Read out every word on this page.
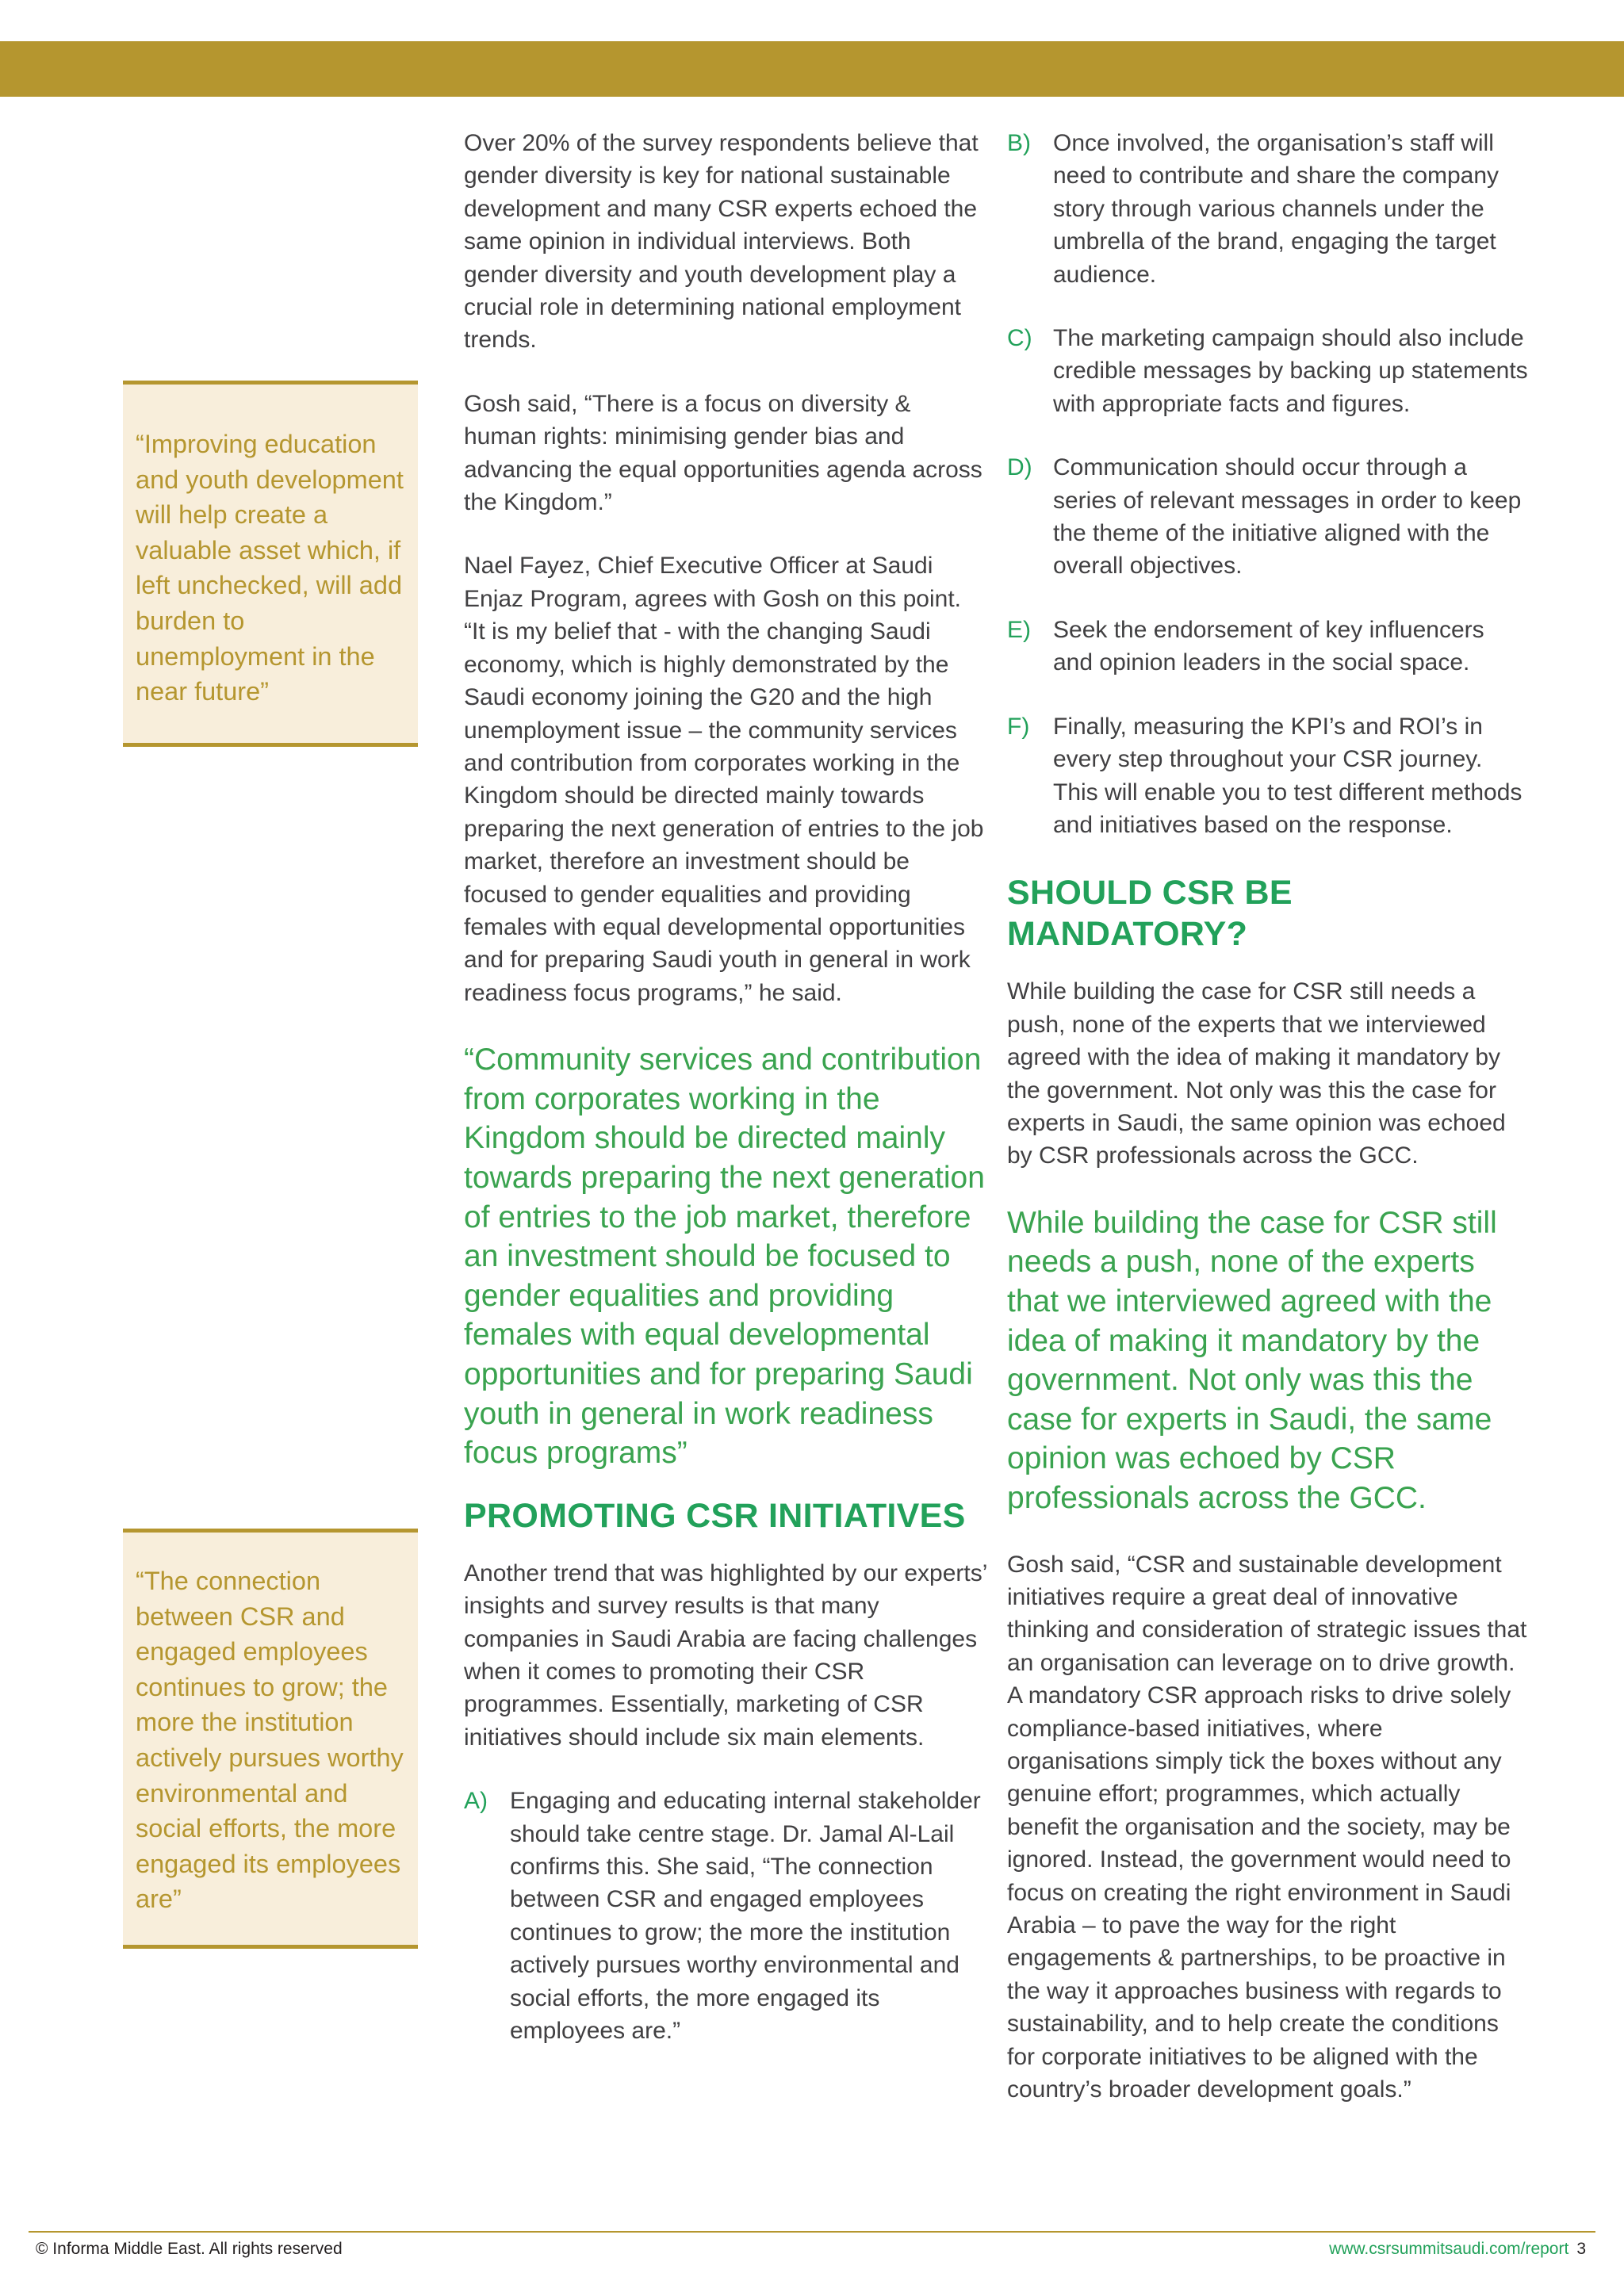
“Improving education and youth development will help create a valuable asset which, if left unchecked, will add burden to unemployment in the near future”
“The connection between CSR and engaged employees continues to grow; the more the institution actively pursues worthy environmental and social efforts, the more engaged its employees are”

Over 20% of the survey respondents believe that gender diversity is key for national sustainable development and many CSR experts echoed the same opinion in individual interviews. Both gender diversity and youth development play a crucial role in determining national employment trends.

Gosh said, “There is a focus on diversity & human rights: minimising gender bias and advancing the equal opportunities agenda across the Kingdom.”

Nael Fayez, Chief Executive Officer at Saudi Enjaz Program, agrees with Gosh on this point. “It is my belief that - with the changing Saudi economy, which is highly demonstrated by the Saudi economy joining the G20 and the high unemployment issue – the community services and contribution from corporates working in the Kingdom should be directed mainly towards preparing the next generation of entries to the job market, therefore an investment should be focused to gender equalities and providing females with equal developmental opportunities and for preparing Saudi youth in general in work readiness focus programs,” he said.

“Community services and contribution from corporates working in the Kingdom should be directed mainly towards preparing the next generation of entries to the job market, therefore an investment should be focused to gender equalities and providing females with equal developmental opportunities and for preparing Saudi youth in general in work readiness focus programs”
PROMOTING CSR INITIATIVES

Another trend that was highlighted by our experts’ insights and survey results is that many companies in Saudi Arabia are facing challenges when it comes to promoting their CSR programmes. Essentially, marketing of CSR initiatives should include six main elements.

A) Engaging and educating internal stakeholder should take centre stage. Dr. Jamal Al-Lail confirms this. She said, “The connection between CSR and engaged employees continues to grow; the more the institution actively pursues worthy environmental and social efforts, the more engaged its employees are.”
B) Once involved, the organisation’s staff will need to contribute and share the company story through various channels under the umbrella of the brand, engaging the target audience.
C) The marketing campaign should also include credible messages by backing up statements with appropriate facts and figures.
D) Communication should occur through a series of relevant messages in order to keep the theme of the initiative aligned with the overall objectives.
E) Seek the endorsement of key influencers and opinion leaders in the social space.
F) Finally, measuring the KPI’s and ROI’s in every step throughout your CSR journey. This will enable you to test different methods and initiatives based on the response.
SHOULD CSR BE MANDATORY?

While building the case for CSR still needs a push, none of the experts that we interviewed agreed with the idea of making it mandatory by the government. Not only was this the case for experts in Saudi, the same opinion was echoed by CSR professionals across the GCC.

While building the case for CSR still needs a push, none of the experts that we interviewed agreed with the idea of making it mandatory by the government. Not only was this the case for experts in Saudi, the same opinion was echoed by CSR professionals across the GCC.

Gosh said, “CSR and sustainable development initiatives require a great deal of innovative thinking and consideration of strategic issues that an organisation can leverage on to drive growth. A mandatory CSR approach risks to drive solely compliance-based initiatives, where organisations simply tick the boxes without any genuine effort; programmes, which actually benefit the organisation and the society, may be ignored. Instead, the government would need to focus on creating the right environment in Saudi Arabia – to pave the way for the right engagements & partnerships, to be proactive in the way it approaches business with regards to sustainability, and to help create the conditions for corporate initiatives to be aligned with the country’s broader development goals.”

© Informa Middle East. All rights reserved	www.csrsummitsaudi.com/report 3
